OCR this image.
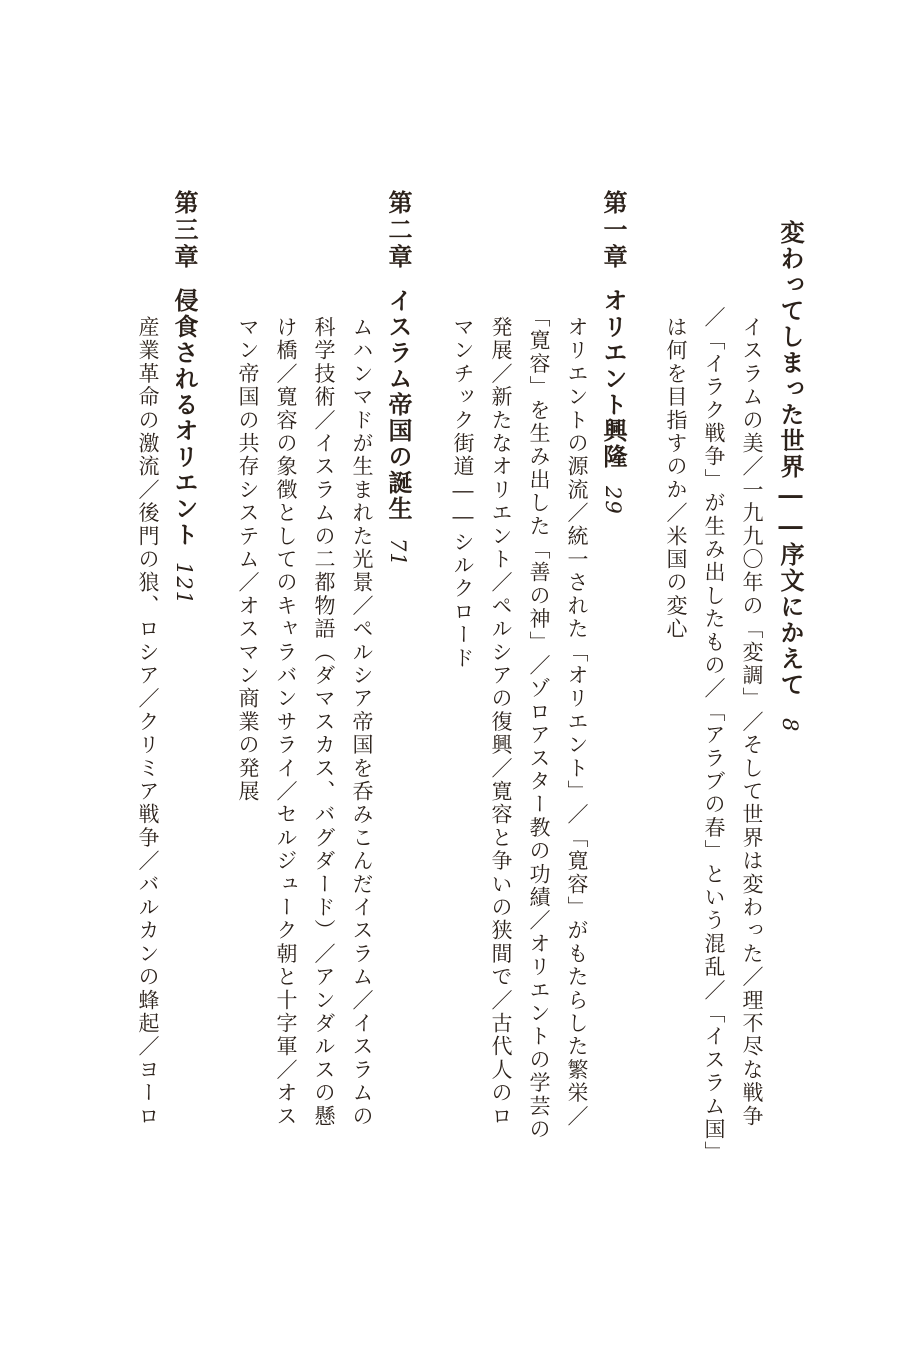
変わってしまった世界――序文にかえて8
イスラムの美／一九九〇年の「変調」／そして世界は変わった／理不尽な戦争
／「イラク戦争」が生み出したもの／「アラブの春」という混乱／「イスラム国」
は何を目指すのか／米国の変心
第一章
オリエント興隆29
オリエントの源流／統一された「オリエント」／「寛容」がもたらした繁栄／
「寛容」を生み出した「善の神」／ゾロアスター教の功績／オリエントの学芸の
発展／新たなオリエント／ペルシアの復興／寛容と争いの狭間で／古代人のロ
マンチック街道――シルクロード
第二章
イスラム帝国の誕生71
ムハンマドが生まれた光景／ペルシア帝国を呑みこんだイスラム／イスラムの
科学技術／イスラムの二都物語（ダマスカス、バグダード）／アンダルスの懸
け橋／寛容の象徴としてのキャラバンサライ／セルジューク朝と十字軍／オス
マン帝国の共存システム／オスマン商業の発展
第三章
侵食されるオリエント121
産業革命の激流／後門の狼、ロシア／クリミア戦争／バルカンの蜂起／ヨーロ
